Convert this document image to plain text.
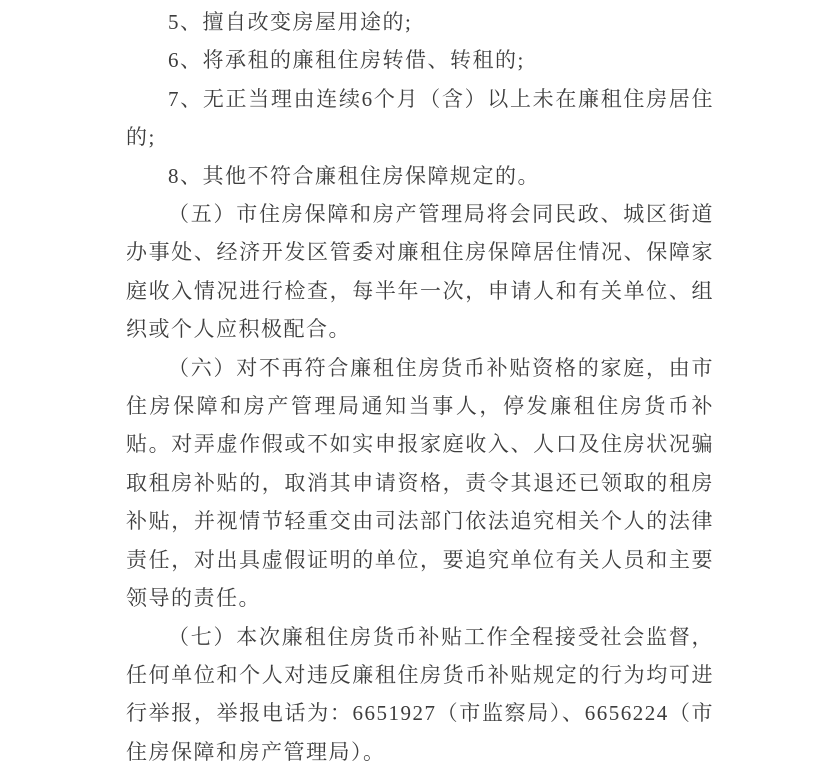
5、擅自改变房屋用途的;

6、将承租的廉租住房转借、转租的;

7、无正当理由连续6个月（含）以上未在廉租住房居住的;

8、其他不符合廉租住房保障规定的。

（五）市住房保障和房产管理局将会同民政、城区街道办事处、经济开发区管委对廉租住房保障居住情况、保障家庭收入情况进行检查，每半年一次，申请人和有关单位、组织或个人应积极配合。

（六）对不再符合廉租住房货币补贴资格的家庭，由市住房保障和房产管理局通知当事人，停发廉租住房货币补贴。对弄虚作假或不如实申报家庭收入、人口及住房状况骗取租房补贴的，取消其申请资格，责令其退还已领取的租房补贴，并视情节轻重交由司法部门依法追究相关个人的法律责任，对出具虚假证明的单位，要追究单位有关人员和主要领导的责任。

（七）本次廉租住房货币补贴工作全程接受社会监督，任何单位和个人对违反廉租住房货币补贴规定的行为均可进行举报，举报电话为：6651927（市监察局）、6656224（市住房保障和房产管理局）。
